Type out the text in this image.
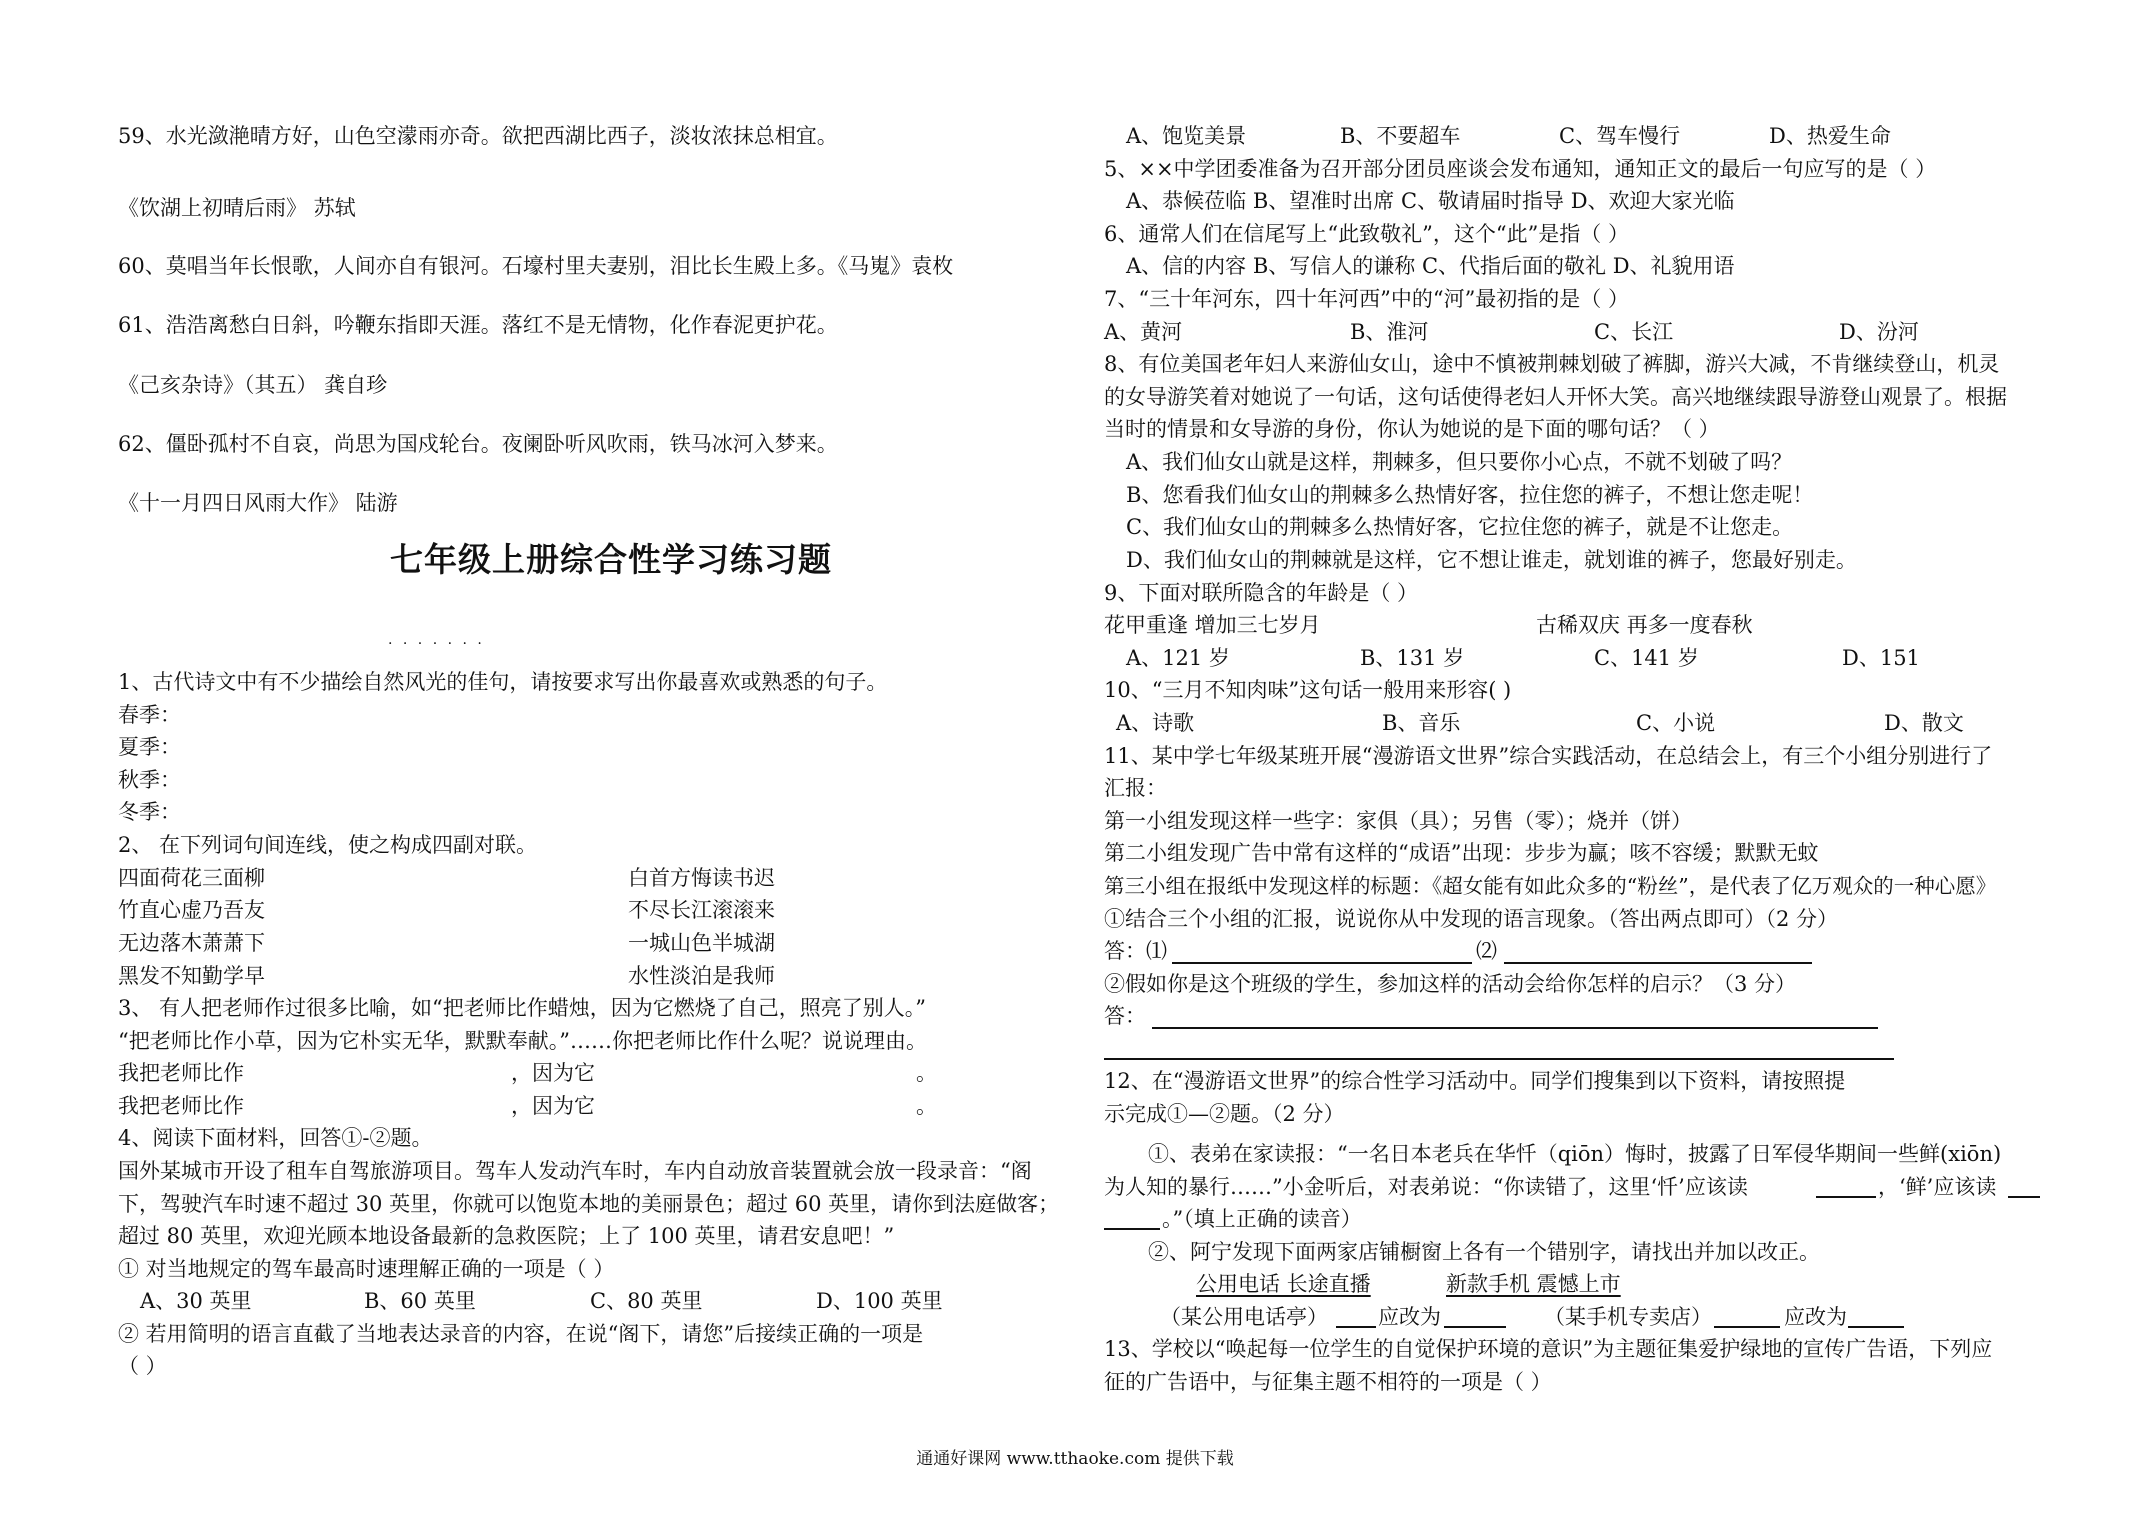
59、水光潋滟晴方好，山色空濛雨亦奇。欲把西湖比西子，淡妆浓抹总相宜。
《饮湖上初晴后雨》 苏轼
60、莫唱当年长恨歌，人间亦自有银河。石壕村里夫妻别，泪比长生殿上多。《马嵬》袁枚
61、浩浩离愁白日斜，吟鞭东指即天涯。落红不是无情物，化作春泥更护花。
《己亥杂诗》（其五） 龚自珍
62、僵卧孤村不自哀，尚思为国戍轮台。夜阑卧听风吹雨，铁马冰河入梦来。
《十一月四日风雨大作》 陆游
七年级上册综合性学习练习题
. . . . . . .
1、古代诗文中有不少描绘自然风光的佳句，请按要求写出你最喜欢或熟悉的句子。
春季：
夏季：
秋季：
冬季：
2、 在下列词句间连线，使之构成四副对联。
四面荷花三面柳	白首方悔读书迟
竹直心虚乃吾友	不尽长江滚滚来
无边落木萧萧下	一城山色半城湖
黑发不知勤学早	水性淡泊是我师
3、 有人把老师作过很多比喻，如“把老师比作蜡烛，因为它燃烧了自己，照亮了别人。”
“把老师比作小草，因为它朴实无华，默默奉献。”……你把老师比作什么呢？说说理由。
我把老师比作	，因为它	。
我把老师比作	，因为它	。
4、阅读下面材料，回答①-②题。
国外某城市开设了租车自驾旅游项目。驾车人发动汽车时，车内自动放音装置就会放一段录音：“阁
下，驾驶汽车时速不超过 30 英里，你就可以饱览本地的美丽景色；超过 60 英里，请你到法庭做客；
超过 80 英里，欢迎光顾本地设备最新的急救医院；上了 100 英里，请君安息吧！”
① 对当地规定的驾车最高时速理解正确的一项是（ ）
A、30 英里	B、60 英里	C、80 英里	D、100 英里
② 若用简明的语言直截了当地表达录音的内容，在说“阁下，请您”后接续正确的一项是
（ ）
A、饱览美景	B、不要超车	C、驾车慢行	D、热爱生命
5、××中学团委准备为召开部分团员座谈会发布通知，通知正文的最后一句应写的是（ ）
A、恭候莅临 B、望准时出席 C、敬请届时指导 D、欢迎大家光临
6、通常人们在信尾写上“此致敬礼”，这个“此”是指（ ）
A、信的内容 B、写信人的谦称 C、代指后面的敬礼 D、礼貌用语
7、“三十年河东，四十年河西”中的“河”最初指的是（ ）
A、黄河	B、淮河	C、长江	D、汾河
8、有位美国老年妇人来游仙女山，途中不慎被荆棘划破了裤脚，游兴大减，不肯继续登山，机灵
的女导游笑着对她说了一句话，这句话使得老妇人开怀大笑。高兴地继续跟导游登山观景了。根据
当时的情景和女导游的身份，你认为她说的是下面的哪句话？（ ）
A、我们仙女山就是这样，荆棘多，但只要你小心点，不就不划破了吗？
B、您看我们仙女山的荆棘多么热情好客，拉住您的裤子，不想让您走呢！
C、我们仙女山的荆棘多么热情好客，它拉住您的裤子，就是不让您走。
D、我们仙女山的荆棘就是这样，它不想让谁走，就划谁的裤子，您最好别走。
9、下面对联所隐含的年龄是（ ）
花甲重逢 增加三七岁月	古稀双庆 再多一度春秋
A、121 岁	B、131 岁	C、141 岁	D、151
10、“三月不知肉味”这句话一般用来形容( )
A、诗歌	B、音乐	C、小说	D、散文
11、某中学七年级某班开展“漫游语文世界”综合实践活动，在总结会上，有三个小组分别进行了
汇报：
第一小组发现这样一些字：家俱（具）；另售（零）；烧并（饼）
第二小组发现广告中常有这样的“成语”出现：步步为赢；咳不容缓；默默无蚊
第三小组在报纸中发现这样的标题：《超女能有如此众多的“粉丝”，是代表了亿万观众的一种心愿》
①结合三个小组的汇报，说说你从中发现的语言现象。（答出两点即可）（2 分）
答：⑴	⑵
②假如你是这个班级的学生，参加这样的活动会给你怎样的启示？（3 分）
答：
12、在“漫游语文世界”的综合性学习活动中。同学们搜集到以下资料，请按照提
示完成①—②题。（2 分）
①、表弟在家读报：“一名日本老兵在华忏（qiōn）悔时，披露了日军侵华期间一些鲜(xiōn)
为人知的暴行……”小金听后，对表弟说：“你读错了，这里‘忏’应该读	，‘鲜’应该读
。”（填上正确的读音）
②、阿宁发现下面两家店铺橱窗上各有一个错别字，请找出并加以改正。
公用电话 长途直播	新款手机 震憾上市
（某公用电话亭） 应改为	（某手机专卖店）	应改为
13、学校以“唤起每一位学生的自觉保护环境的意识”为主题征集爱护绿地的宣传广告语，下列应
征的广告语中，与征集主题不相符的一项是（ ）
通通好课网 www.tthaoke.com 提供下载
